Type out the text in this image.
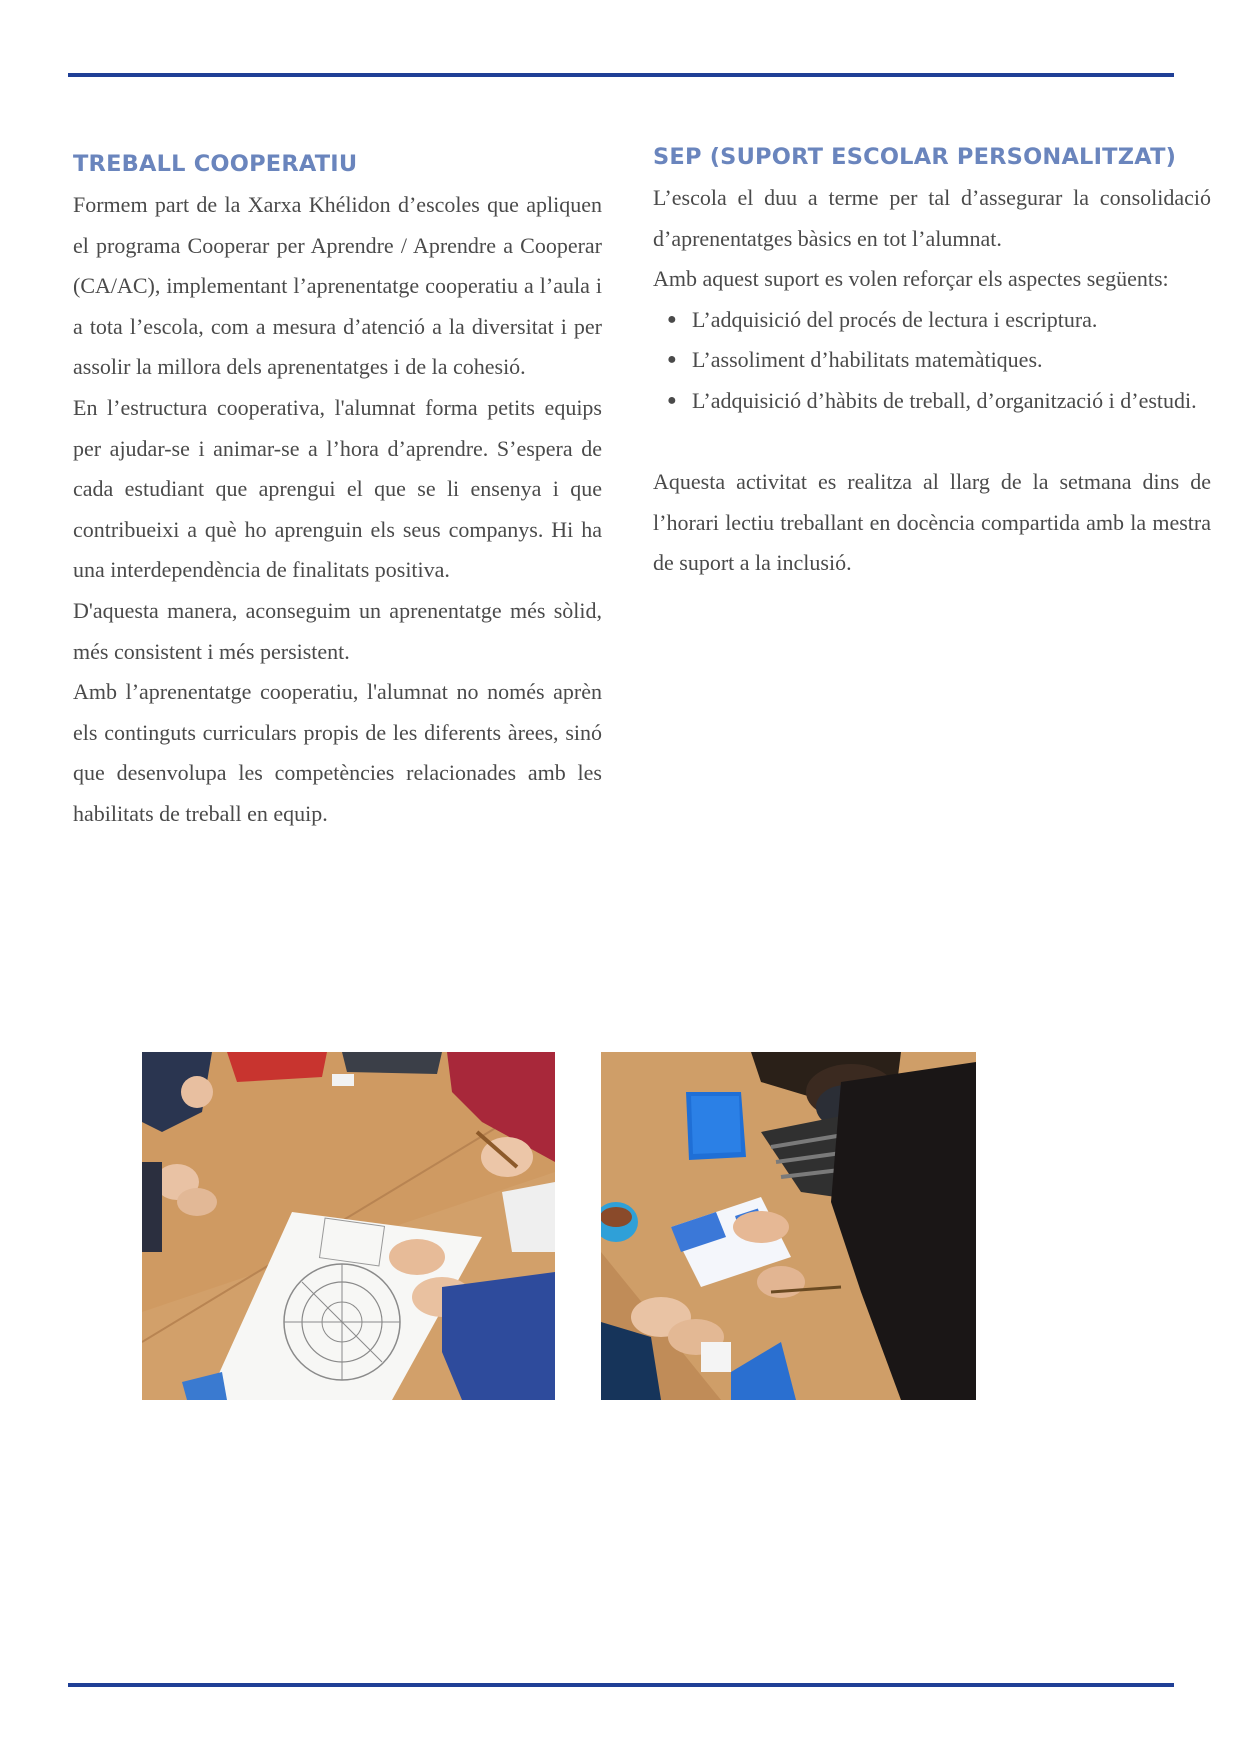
TREBALL COOPERATIU

Formem part de la Xarxa Khélidon d’escoles que apliquen el programa Cooperar per Aprendre / Aprendre a Cooperar (CA/AC), implementant l’aprenentatge cooperatiu a l’aula i a tota l’escola, com a mesura d’atenció a la diversitat i per assolir la millora dels aprenentatges i de la cohesió.

En l’estructura cooperativa, l'alumnat forma petits equips per ajudar-se i animar-se a l’hora d’aprendre. S’espera de cada estudiant que aprengui el que se li ensenya i que contribueixi a què ho aprenguin els seus companys. Hi ha una interdependència de finalitats positiva.

D'aquesta manera, aconseguim un aprenentatge més sòlid, més consistent i més persistent.

Amb l’aprenentatge cooperatiu, l'alumnat no només aprèn els continguts curriculars propis de les diferents àrees, sinó que desenvolupa les competències relacionades amb les habilitats de treball en equip.

SEP (SUPORT ESCOLAR PERSONALITZAT)

L’escola el duu a terme per tal d’assegurar la consolidació d’aprenentatges bàsics en tot l’alumnat.

Amb aquest suport es volen reforçar els aspectes següents:

● L’adquisició del procés de lectura i escriptura.
● L’assoliment d’habilitats matemàtiques.
● L’adquisició d’hàbits de treball, d’organització i d’estudi.

Aquesta activitat es realitza al llarg de la setmana dins de l’horari lectiu treballant en docència compartida amb la mestra de suport a la inclusió.
